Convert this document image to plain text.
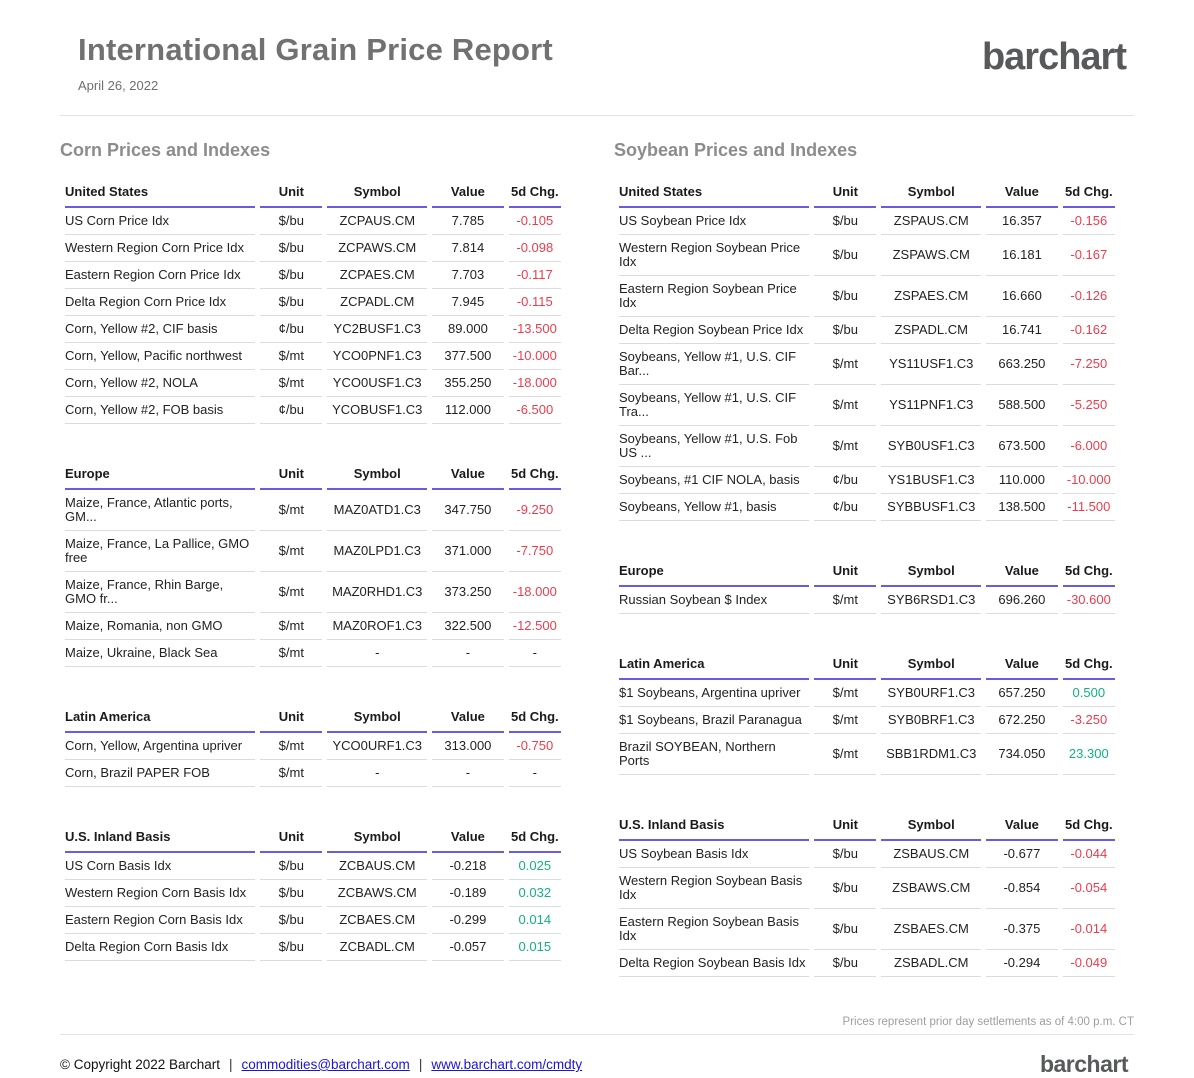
International Grain Price Report
April 26, 2022
barchart
Corn Prices and Indexes
United States	Unit	Symbol	Value	5d Chg.
US Corn Price Idx	$/bu	ZCPAUS.CM	7.785	-0.105
Western Region Corn Price Idx	$/bu	ZCPAWS.CM	7.814	-0.098
Eastern Region Corn Price Idx	$/bu	ZCPAES.CM	7.703	-0.117
Delta Region Corn Price Idx	$/bu	ZCPADL.CM	7.945	-0.115
Corn, Yellow #2, CIF basis	¢/bu	YC2BUSF1.C3	89.000	-13.500
Corn, Yellow, Pacific northwest	$/mt	YCO0PNF1.C3	377.500	-10.000
Corn, Yellow #2, NOLA	$/mt	YCO0USF1.C3	355.250	-18.000
Corn, Yellow #2, FOB basis	¢/bu	YCOBUSF1.C3	112.000	-6.500
Europe	Unit	Symbol	Value	5d Chg.
Maize, France, Atlantic ports, GM...	$/mt	MAZ0ATD1.C3	347.750	-9.250
Maize, France, La Pallice, GMO free	$/mt	MAZ0LPD1.C3	371.000	-7.750
Maize, France, Rhin Barge, GMO fr...	$/mt	MAZ0RHD1.C3	373.250	-18.000
Maize, Romania, non GMO	$/mt	MAZ0ROF1.C3	322.500	-12.500
Maize, Ukraine, Black Sea	$/mt	-	-	-
Latin America	Unit	Symbol	Value	5d Chg.
Corn, Yellow, Argentina upriver	$/mt	YCO0URF1.C3	313.000	-0.750
Corn, Brazil PAPER FOB	$/mt	-	-	-
U.S. Inland Basis	Unit	Symbol	Value	5d Chg.
US Corn Basis Idx	$/bu	ZCBAUS.CM	-0.218	0.025
Western Region Corn Basis Idx	$/bu	ZCBAWS.CM	-0.189	0.032
Eastern Region Corn Basis Idx	$/bu	ZCBAES.CM	-0.299	0.014
Delta Region Corn Basis Idx	$/bu	ZCBADL.CM	-0.057	0.015
Soybean Prices and Indexes
United States	Unit	Symbol	Value	5d Chg.
US Soybean Price Idx	$/bu	ZSPAUS.CM	16.357	-0.156
Western Region Soybean Price Idx	$/bu	ZSPAWS.CM	16.181	-0.167
Eastern Region Soybean Price Idx	$/bu	ZSPAES.CM	16.660	-0.126
Delta Region Soybean Price Idx	$/bu	ZSPADL.CM	16.741	-0.162
Soybeans, Yellow #1, U.S. CIF Bar...	$/mt	YS11USF1.C3	663.250	-7.250
Soybeans, Yellow #1, U.S. CIF Tra...	$/mt	YS11PNF1.C3	588.500	-5.250
Soybeans, Yellow #1, U.S. Fob US ...	$/mt	SYB0USF1.C3	673.500	-6.000
Soybeans, #1 CIF NOLA, basis	¢/bu	YS1BUSF1.C3	110.000	-10.000
Soybeans, Yellow #1, basis	¢/bu	SYBBUSF1.C3	138.500	-11.500
Europe	Unit	Symbol	Value	5d Chg.
Russian Soybean $ Index	$/mt	SYB6RSD1.C3	696.260	-30.600
Latin America	Unit	Symbol	Value	5d Chg.
$1 Soybeans, Argentina upriver	$/mt	SYB0URF1.C3	657.250	0.500
$1 Soybeans, Brazil Paranagua	$/mt	SYB0BRF1.C3	672.250	-3.250
Brazil SOYBEAN, Northern Ports	$/mt	SBB1RDM1.C3	734.050	23.300
U.S. Inland Basis	Unit	Symbol	Value	5d Chg.
US Soybean Basis Idx	$/bu	ZSBAUS.CM	-0.677	-0.044
Western Region Soybean Basis Idx	$/bu	ZSBAWS.CM	-0.854	-0.054
Eastern Region Soybean Basis Idx	$/bu	ZSBAES.CM	-0.375	-0.014
Delta Region Soybean Basis Idx	$/bu	ZSBADL.CM	-0.294	-0.049
Prices represent prior day settlements as of 4:00 p.m. CT
© Copyright 2022 Barchart | commodities@barchart.com | www.barchart.com/cmdty	barchart
